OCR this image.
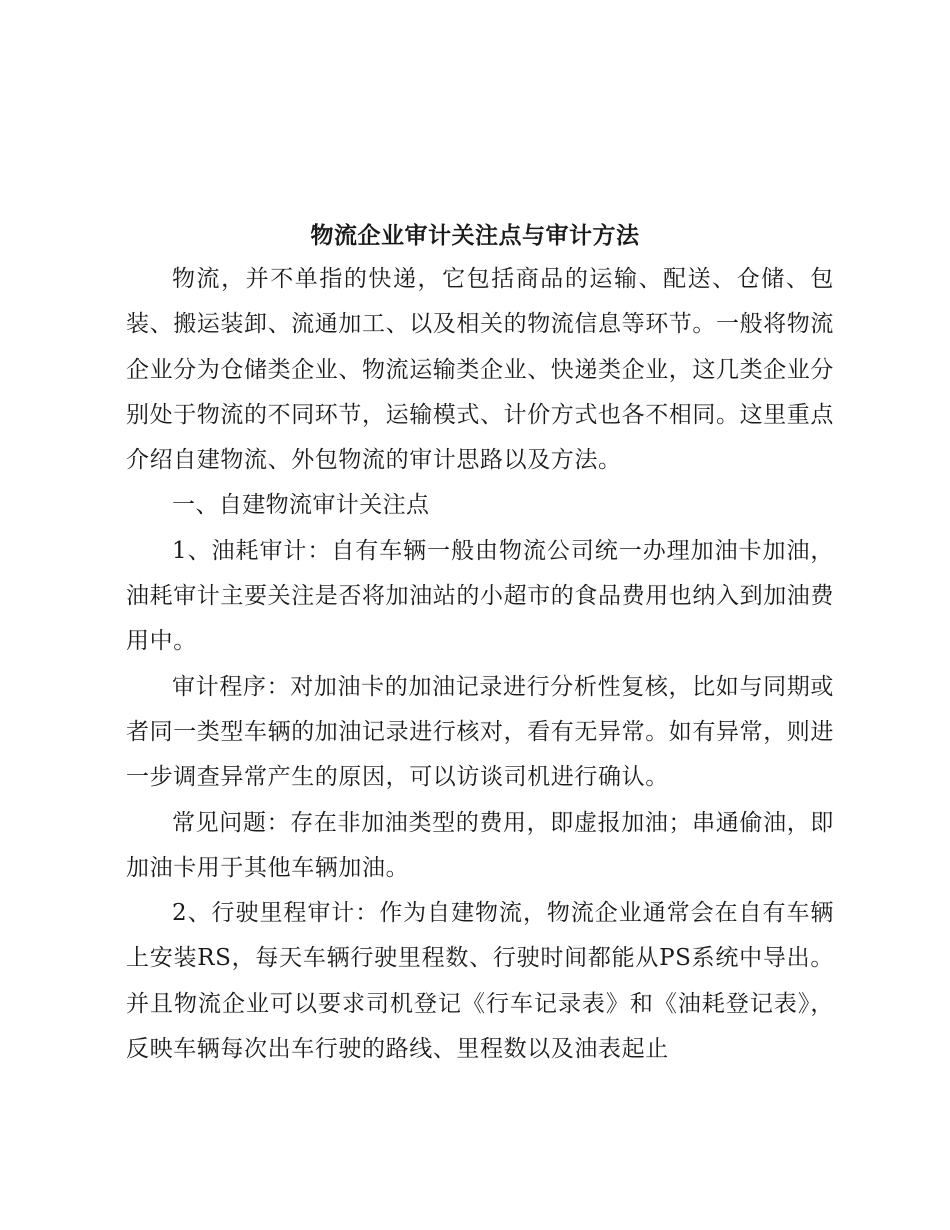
物流企业审计关注点与审计方法

物流，并不单指的快递，它包括商品的运输、配送、仓储、包装、搬运装卸、流通加工、以及相关的物流信息等环节。一般将物流企业分为仓储类企业、物流运输类企业、快递类企业，这几类企业分别处于物流的不同环节，运输模式、计价方式也各不相同。这里重点介绍自建物流、外包物流的审计思路以及方法。

一、自建物流审计关注点

1、油耗审计：自有车辆一般由物流公司统一办理加油卡加油，油耗审计主要关注是否将加油站的小超市的食品费用也纳入到加油费用中。

审计程序：对加油卡的加油记录进行分析性复核，比如与同期或者同一类型车辆的加油记录进行核对，看有无异常。如有异常，则进一步调查异常产生的原因，可以访谈司机进行确认。

常见问题：存在非加油类型的费用，即虚报加油；串通偷油，即加油卡用于其他车辆加油。

2、行驶里程审计：作为自建物流，物流企业通常会在自有车辆上安装RS，每天车辆行驶里程数、行驶时间都能从PS系统中导出。并且物流企业可以要求司机登记《行车记录表》和《油耗登记表》，反映车辆每次出车行驶的路线、里程数以及油表起止
